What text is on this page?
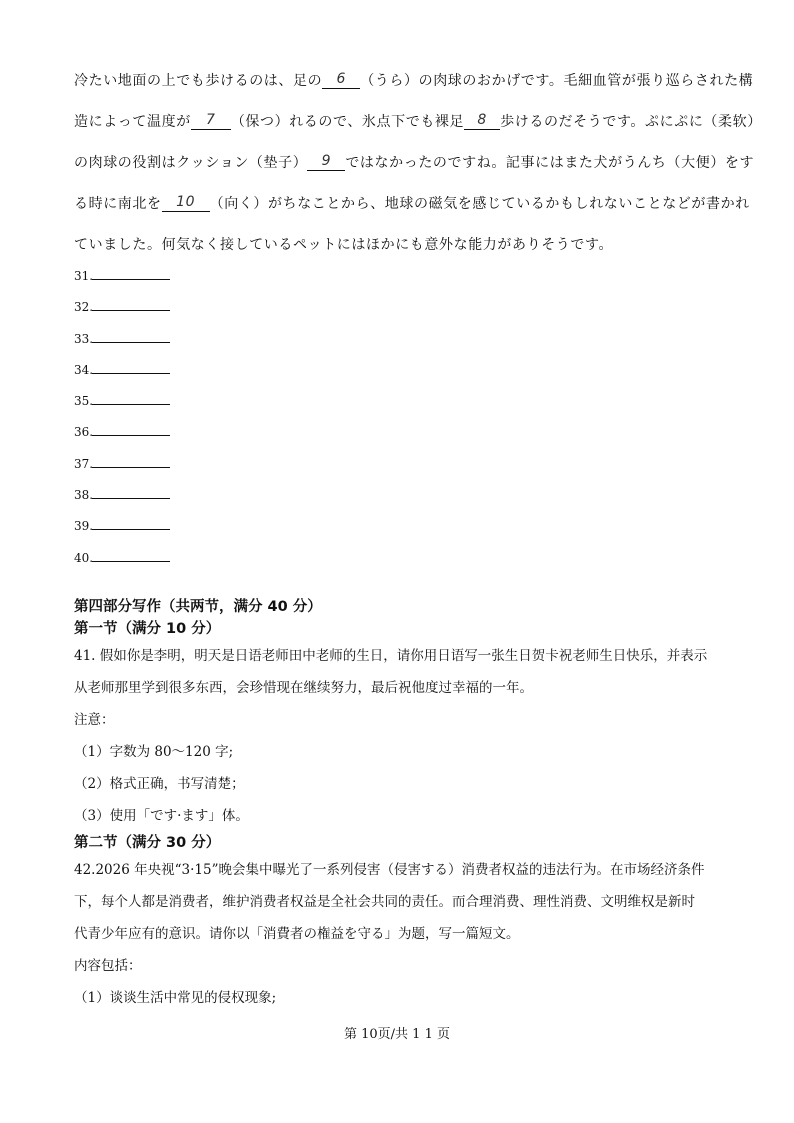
冷たい地面の上でも歩けるのは、足の 6 （うら）の肉球のおかげです。毛細血管が張り巡らされた構
造によって温度が 7 （保つ）れるので、氷点下でも裸足 8 歩けるのだそうです。ぷにぷに（柔软）
の肉球の役割はクッション（垫子） 9 ではなかったのですね。記事にはまた犬がうんち（大便）をす
る時に南北を 10 （向く）がちなことから、地球の磁気を感じているかもしれないことなどが書かれ
ていました。何気なく接しているペットにはほかにも意外な能力がありそうです。
31.
32.
33.
34.
35.
36.
37.
38.
39.
40.
第四部分写作（共两节，满分 40 分）
第一节（满分 10 分）
41. 假如你是李明，明天是日语老师田中老师的生日，请你用日语写一张生日贺卡祝老师生日快乐，并表示
从老师那里学到很多东西，会珍惜现在继续努力，最后祝他度过幸福的一年。
注意：
（1）字数为 80～120 字;
（2）格式正确，书写清楚；
（3）使用「です·ます」体。
第二节（满分 30 分）
42.2026 年央视“3·15”晚会集中曝光了一系列侵害（侵害する）消费者权益的违法行为。在市场经济条件
下，每个人都是消费者，维护消费者权益是全社会共同的责任。而合理消费、理性消费、文明维权是新时
代青少年应有的意识。请你以「消費者の権益を守る」为题，写一篇短文。
内容包括：
（1）谈谈生活中常见的侵权现象;
第 10页/共 1 1 页
